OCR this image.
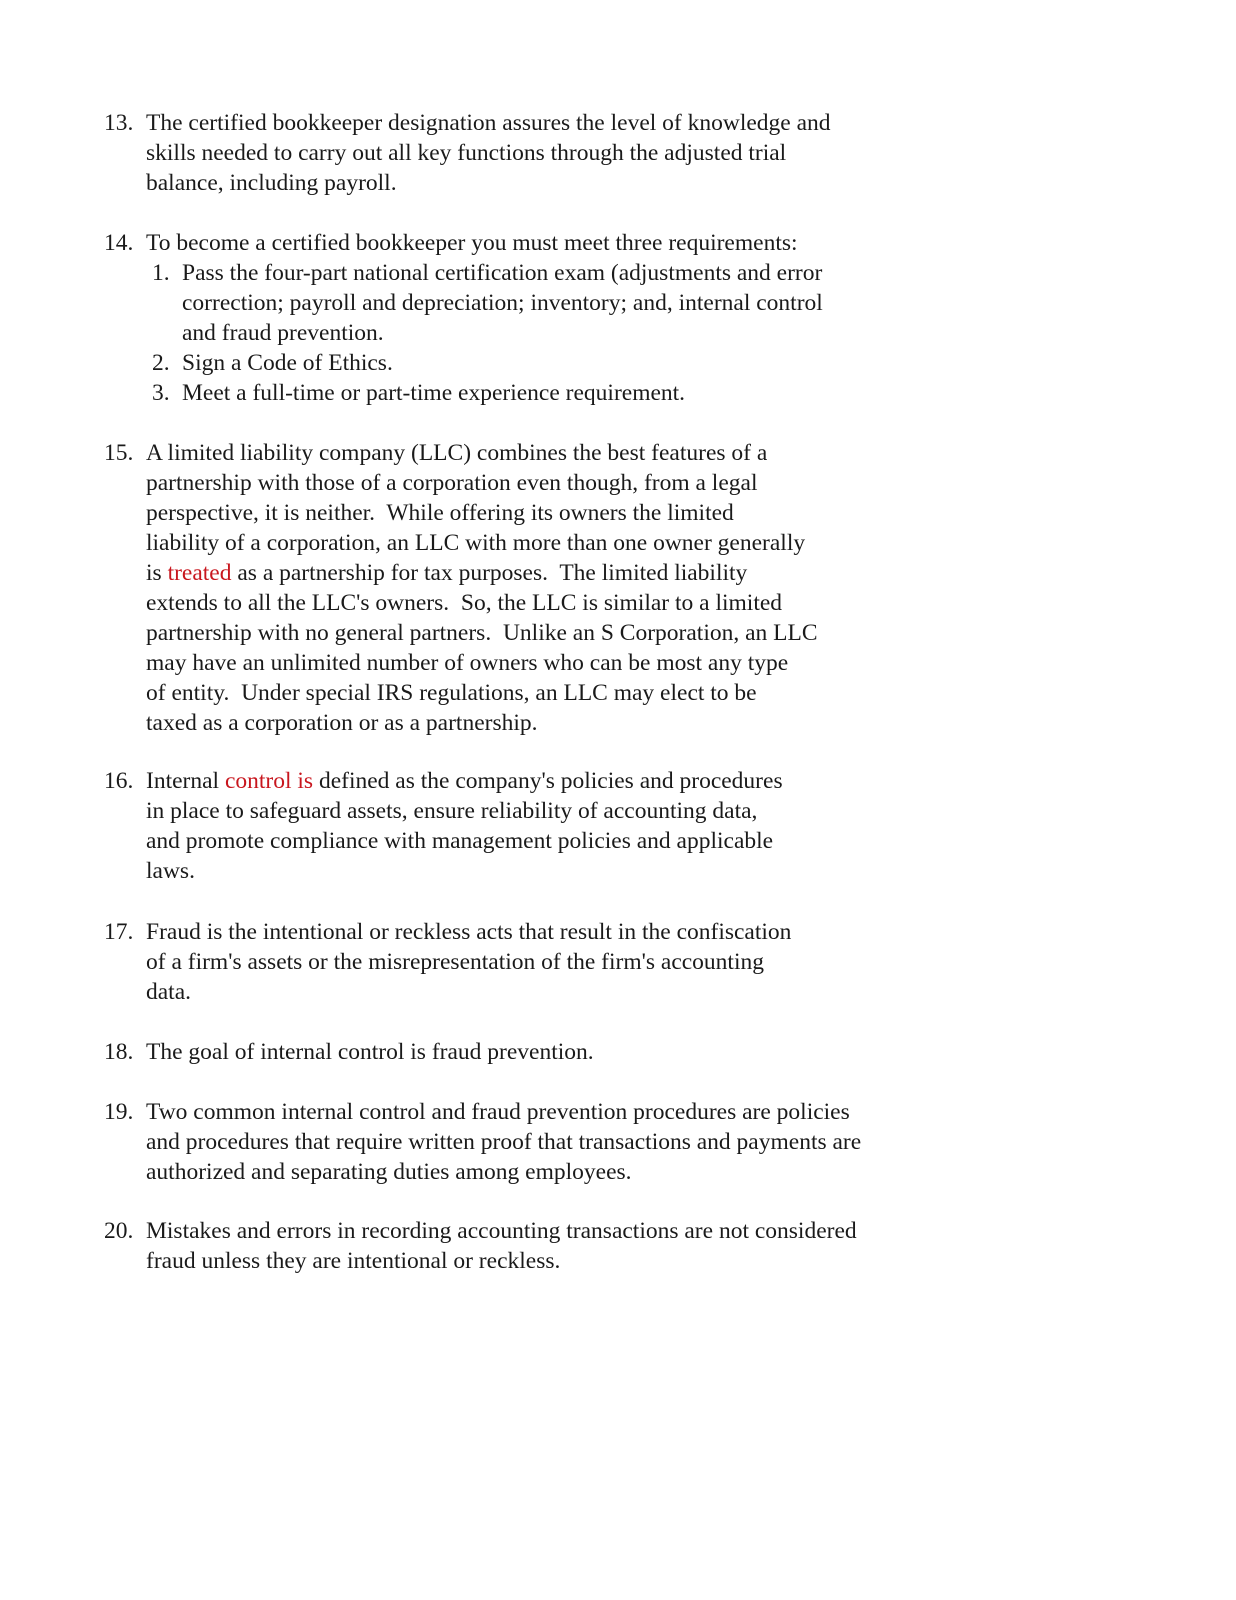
13. The certified bookkeeper designation assures the level of knowledge and
skills needed to carry out all key functions through the adjusted trial
balance, including payroll.
14. To become a certified bookkeeper you must meet three requirements:
1. Pass the four-part national certification exam (adjustments and error
correction; payroll and depreciation; inventory; and, internal control
and fraud prevention.
2. Sign a Code of Ethics.
3. Meet a full-time or part-time experience requirement.
15. A limited liability company (LLC) combines the best features of a
partnership with those of a corporation even though, from a legal
perspective, it is neither.  While offering its owners the limited
liability of a corporation, an LLC with more than one owner generally
is treated as a partnership for tax purposes.  The limited liability
extends to all the LLC's owners.  So, the LLC is similar to a limited
partnership with no general partners.  Unlike an S Corporation, an LLC
may have an unlimited number of owners who can be most any type
of entity.  Under special IRS regulations, an LLC may elect to be
taxed as a corporation or as a partnership.
16. Internal control is defined as the company's policies and procedures
in place to safeguard assets, ensure reliability of accounting data,
and promote compliance with management policies and applicable
laws.
17. Fraud is the intentional or reckless acts that result in the confiscation
of a firm's assets or the misrepresentation of the firm's accounting
data.
18. The goal of internal control is fraud prevention.
19. Two common internal control and fraud prevention procedures are policies
and procedures that require written proof that transactions and payments are
authorized and separating duties among employees.
20. Mistakes and errors in recording accounting transactions are not considered
fraud unless they are intentional or reckless.
